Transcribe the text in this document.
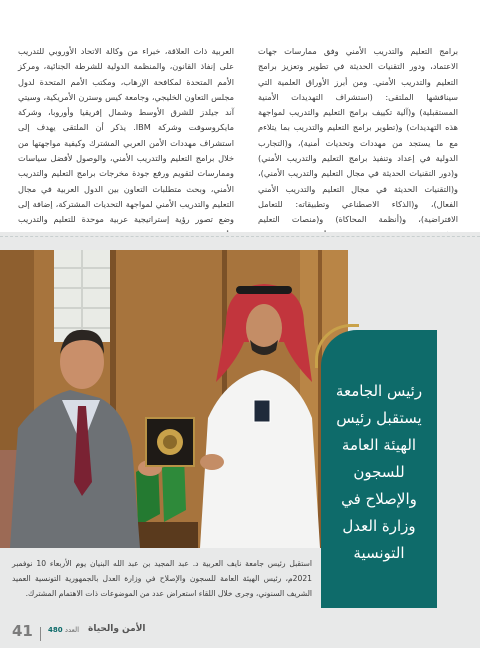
برامج التعليم والتدريب الأمني وفق ممارسات جهات الاعتماد، ودور التقنيات الحديثة في تطوير وتعزيز برامج التعليم والتدريب الأمني. ومن أبرز الأوراق العلمية التي سيناقشها الملتقى: (استشراف التهديدات الأمنية المستقبلية) و(آلية تكييف برامج التعليم والتدريب لمواجهة هذه التهديدات) و(تطوير برامج التعليم والتدريب بما يتلاءم مع ما يستجد من مهددات وتحديات أمنية)، و(التجارب الدولية في إعداد وتنفيذ برامج التعليم والتدريب الأمني) و(دور التقنيات الحديثة في مجال التعليم والتدريب الأمني)، و(التقنيات الحديثة في مجال التعليم والتدريب الأمني الفعال)، و(الذكاء الاصطناعي وتطبيقاته: للتعامل الافتراضية)، و(أنظمة المحاكاة) و(منصات التعليم

العربية ذات العلاقة، خبراء من وكالة الاتحاد الأوروبي للتدريب على إنفاذ القانون، والمنظمة الدولية للشرطة الجنائية، ومركز الأمم المتحدة لمكافحة الإرهاب، ومكتب الأمم المتحدة لدول مجلس التعاون الخليجي، وجامعة كيس وسترن الأمريكية، وسيتي آند جيلدز للشرق الأوسط وشمال إفريقيا وأوروبا، وشركة مايكروسوفت وشركة IBM. يذكر أن الملتقى يهدف إلى استشراف مهددات الأمن العربي المشترك وكيفية مواجهتها من خلال برامج التعليم والتدريب الأمني، والوصول لأفضل سياسات وممارسات لتقويم ورفع جودة مخرجات برامج التعليم والتدريب الأمني، وبحث متطلبات التعاون بين الدول العربية في مجال التعليم والتدريب الأمني لمواجهة التحديات المشتركة، إضافة إلى وضع تصور رؤية إستراتيجية عربية موحدة للتعليم والتدريب

رئيس الجامعة
يستقبل رئيس
الهيئة العامة
للسجون
والإصلاح في
وزارة العدل
التونسية

استقبل رئيس جامعة نايف العربية د. عبد المجيد بن عبد الله البنيان يوم الأربعاء 10 نوفمبر 2021م، رئيس الهيئة العامة للسجون والإصلاح في وزارة العدل بالجمهورية التونسية العميد الشريف السنوني، وجرى خلال اللقاء استعراض عدد من الموضوعات ذات الاهتمام المشترك.

41	العدد 480	الأمن والحياة
